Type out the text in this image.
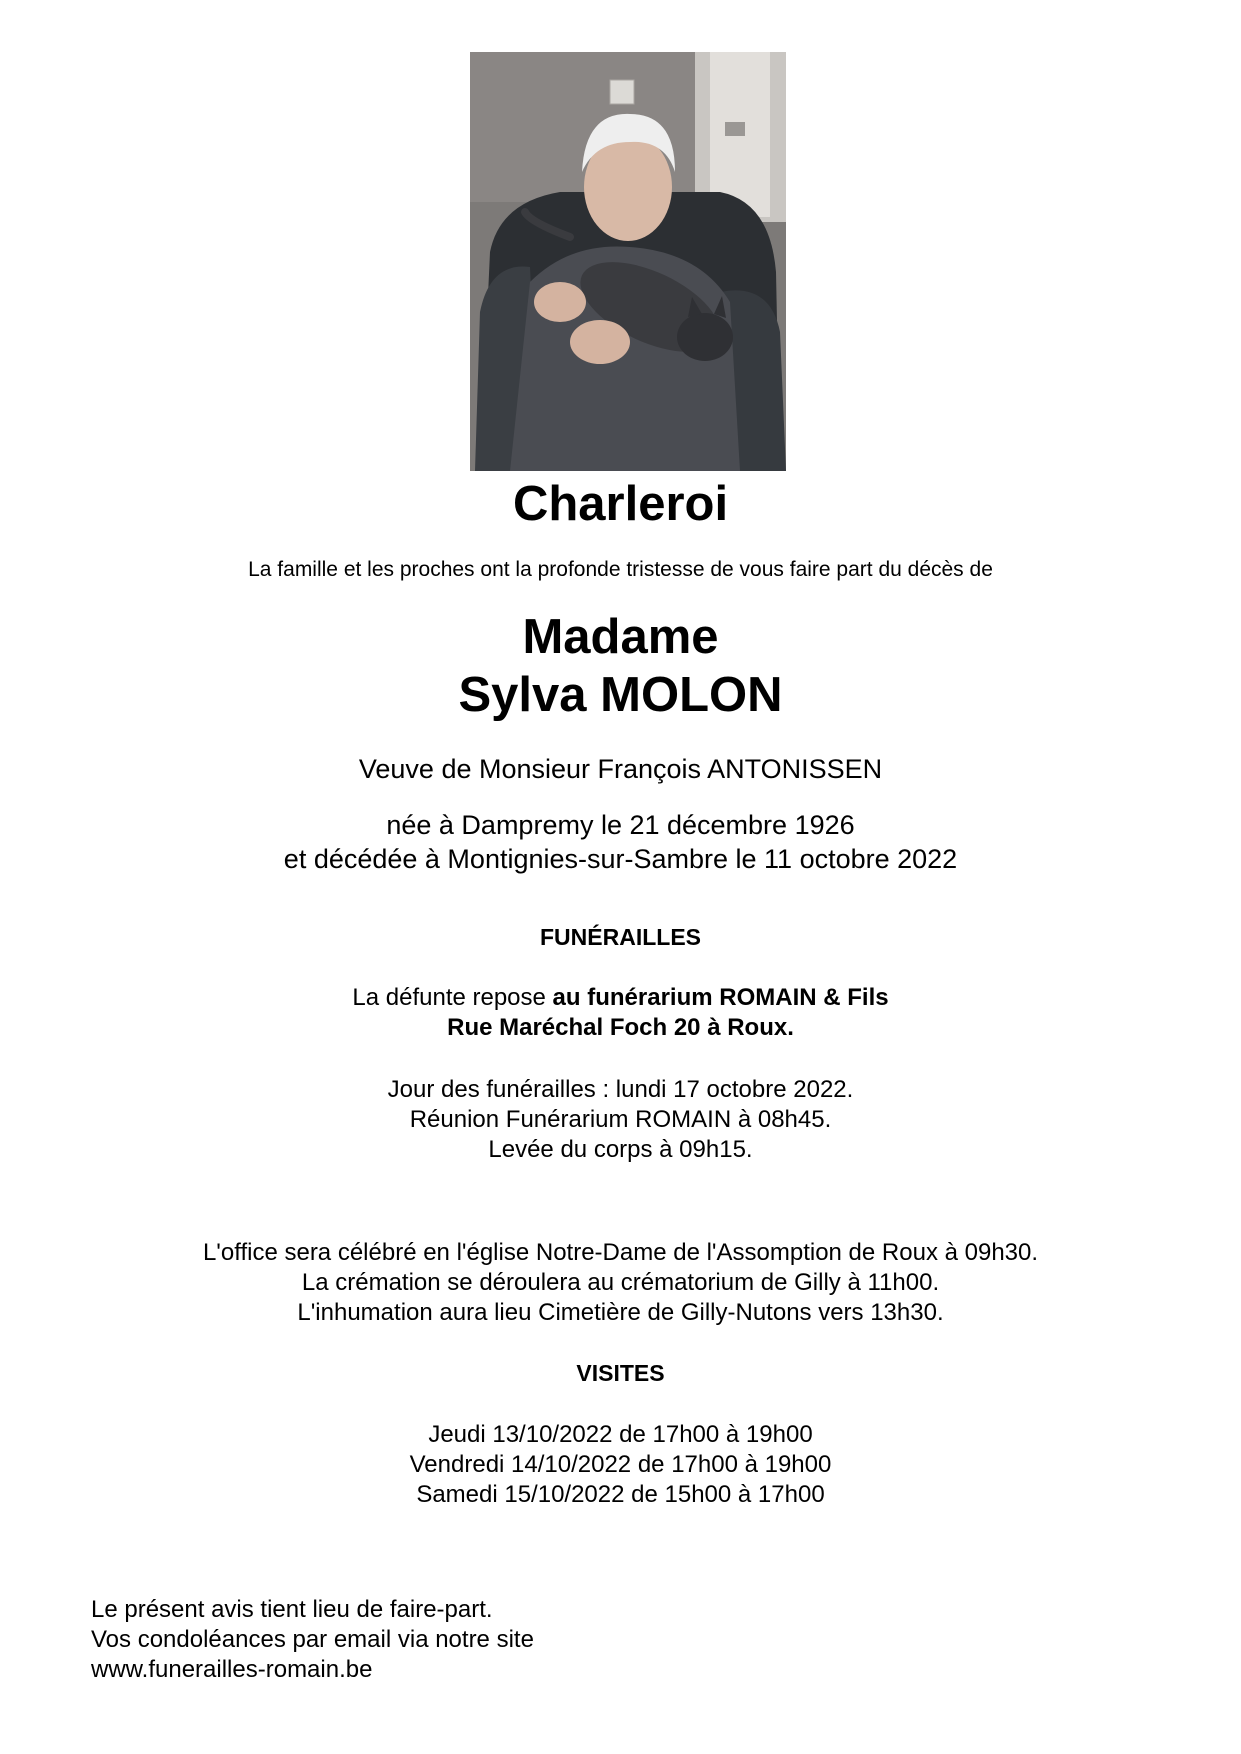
Charleroi
La famille et les proches ont la profonde tristesse de vous faire part du décès de
Madame
Sylva MOLON
Veuve de Monsieur François ANTONISSEN
née à Dampremy le 21 décembre 1926
et décédée à Montignies-sur-Sambre le 11 octobre 2022
FUNÉRAILLES
La défunte repose au funérarium ROMAIN & Fils
Rue Maréchal Foch 20 à Roux.
Jour des funérailles : lundi 17 octobre 2022.
Réunion Funérarium ROMAIN à 08h45.
Levée du corps à 09h15.
L'office sera célébré en l'église Notre-Dame de l'Assomption de Roux à 09h30.
La crémation se déroulera au crématorium de Gilly à 11h00.
L'inhumation aura lieu Cimetière de Gilly-Nutons vers 13h30.
VISITES
Jeudi 13/10/2022 de 17h00 à 19h00
Vendredi 14/10/2022 de 17h00 à 19h00
Samedi 15/10/2022 de 15h00 à 17h00
Le présent avis tient lieu de faire-part.
Vos condoléances par email via notre site
www.funerailles-romain.be
